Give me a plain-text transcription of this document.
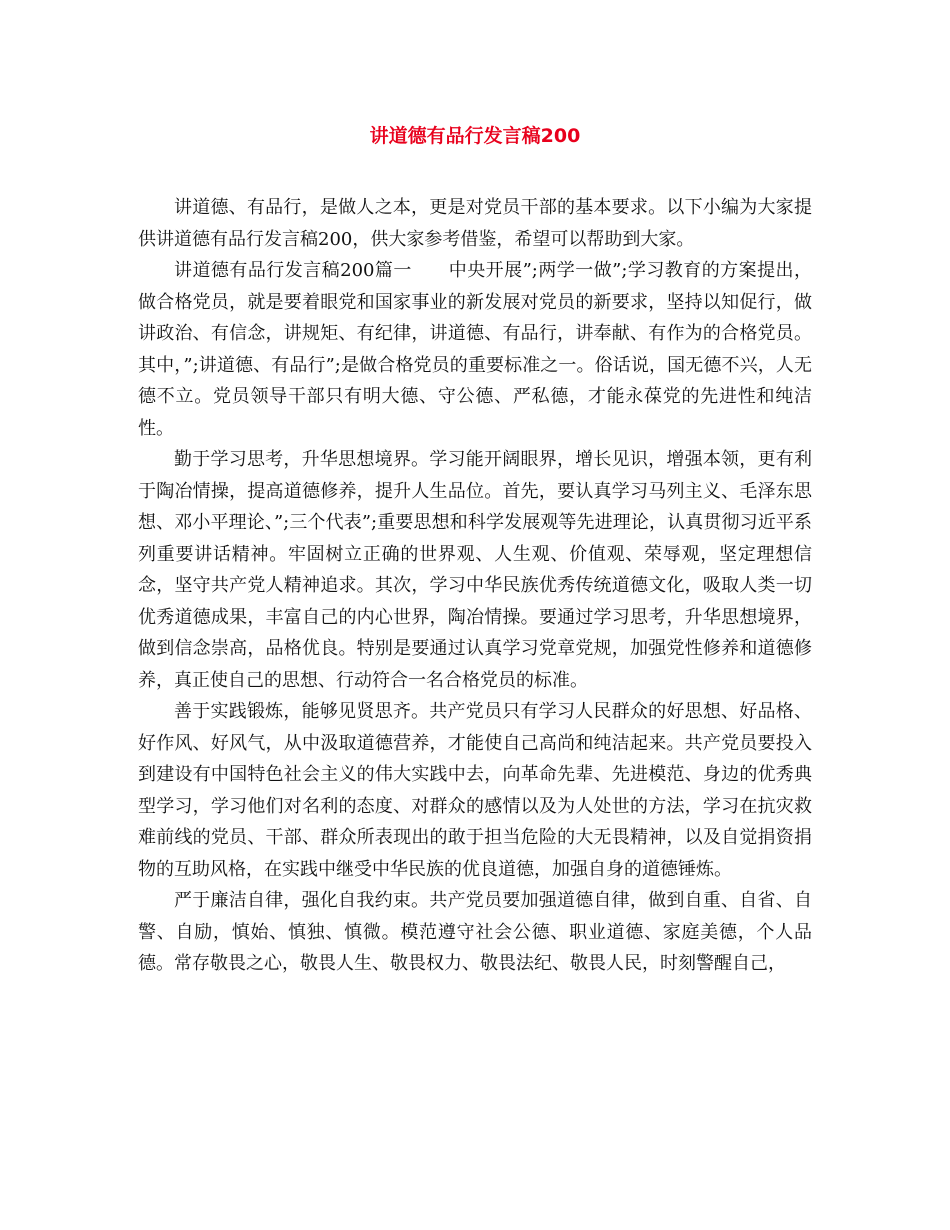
讲道德有品行发言稿200

讲道德、有品行，是做人之本，更是对党员干部的基本要求。以下小编为大家提供讲道德有品行发言稿200，供大家参考借鉴，希望可以帮助到大家。

讲道德有品行发言稿200篇一　　中央开展”;两学一做”;学习教育的方案提出，做合格党员，就是要着眼党和国家事业的新发展对党员的新要求，坚持以知促行，做讲政治、有信念，讲规矩、有纪律，讲道德、有品行，讲奉献、有作为的合格党员。其中，”;讲道德、有品行”;是做合格党员的重要标准之一。俗话说，国无德不兴，人无德不立。党员领导干部只有明大德、守公德、严私德，才能永葆党的先进性和纯洁性。

勤于学习思考，升华思想境界。学习能开阔眼界，增长见识，增强本领，更有利于陶冶情操，提高道德修养，提升人生品位。首先，要认真学习马列主义、毛泽东思想、邓小平理论、”;三个代表”;重要思想和科学发展观等先进理论，认真贯彻习近平系列重要讲话精神。牢固树立正确的世界观、人生观、价值观、荣辱观，坚定理想信念，坚守共产党人精神追求。其次，学习中华民族优秀传统道德文化，吸取人类一切优秀道德成果，丰富自己的内心世界，陶冶情操。要通过学习思考，升华思想境界，做到信念崇高，品格优良。特别是要通过认真学习党章党规，加强党性修养和道德修养，真正使自己的思想、行动符合一名合格党员的标准。

善于实践锻炼，能够见贤思齐。共产党员只有学习人民群众的好思想、好品格、好作风、好风气，从中汲取道德营养，才能使自己高尚和纯洁起来。共产党员要投入到建设有中国特色社会主义的伟大实践中去，向革命先辈、先进模范、身边的优秀典型学习，学习他们对名利的态度、对群众的感情以及为人处世的方法，学习在抗灾救难前线的党员、干部、群众所表现出的敢于担当危险的大无畏精神，以及自觉捐资捐物的互助风格，在实践中继受中华民族的优良道德，加强自身的道德锤炼。

严于廉洁自律，强化自我约束。共产党员要加强道德自律，做到自重、自省、自警、自励，慎始、慎独、慎微。模范遵守社会公德、职业道德、家庭美德，个人品德。常存敬畏之心，敬畏人生、敬畏权力、敬畏法纪、敬畏人民，时刻警醒自己，
